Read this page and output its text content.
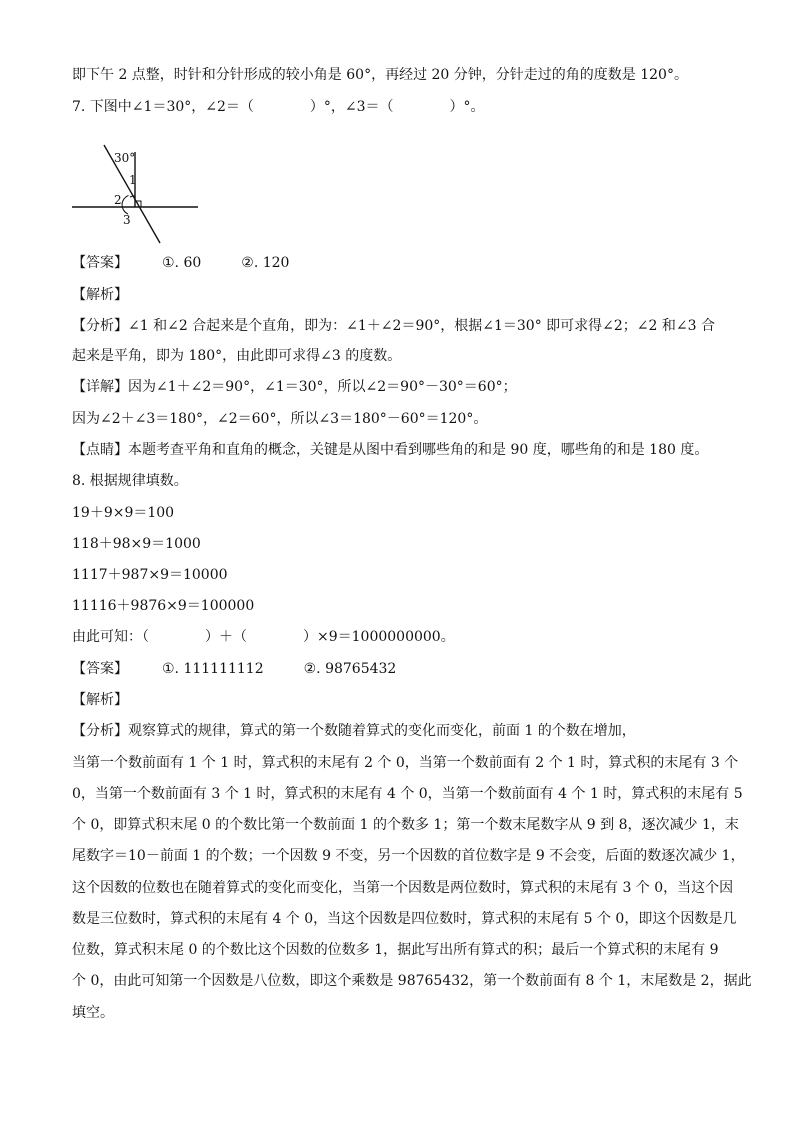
即下午 2 点整，时针和分针形成的较小角是 60°，再经过 20 分钟，分针走过的角的度数是 120°。
7. 下图中∠1＝30°，∠2＝（　　　　）°，∠3＝（　　　　）°。
30°
1
2
3
【答案】 ①. 60	②. 120
【解析】
【分析】∠1 和∠2 合起来是个直角，即为：∠1＋∠2＝90°，根据∠1＝30° 即可求得∠2；∠2 和∠3 合
起来是平角，即为 180°，由此即可求得∠3 的度数。
【详解】因为∠1＋∠2＝90°，∠1＝30°，所以∠2＝90°－30°＝60°；
因为∠2＋∠3＝180°，∠2＝60°，所以∠3＝180°－60°＝120°。
【点睛】本题考查平角和直角的概念，关键是从图中看到哪些角的和是 90 度，哪些角的和是 180 度。
8. 根据规律填数。
19＋9×9＝100
118＋98×9＝1000
1117＋987×9＝10000
11116＋9876×9＝100000
由此可知：（　　　　）＋（　　　　）×9＝1000000000。
【答案】 ①. 111111112	②. 98765432
【解析】
【分析】观察算式的规律，算式的第一个数随着算式的变化而变化，前面 1 的个数在增加，
当第一个数前面有 1 个 1 时，算式积的末尾有 2 个 0，当第一个数前面有 2 个 1 时，算式积的末尾有 3 个
0，当第一个数前面有 3 个 1 时，算式积的末尾有 4 个 0，当第一个数前面有 4 个 1 时，算式积的末尾有 5
个 0，即算式积末尾 0 的个数比第一个数前面 1 的个数多 1；第一个数末尾数字从 9 到 8，逐次减少 1，末
尾数字＝10－前面 1 的个数；一个因数 9 不变，另一个因数的首位数字是 9 不会变，后面的数逐次减少 1，
这个因数的位数也在随着算式的变化而变化，当第一个因数是两位数时，算式积的末尾有 3 个 0，当这个因
数是三位数时，算式积的末尾有 4 个 0，当这个因数是四位数时，算式积的末尾有 5 个 0，即这个因数是几
位数，算式积末尾 0 的个数比这个因数的位数多 1，据此写出所有算式的积；最后一个算式积的末尾有 9
个 0，由此可知第一个因数是八位数，即这个乘数是 98765432，第一个数前面有 8 个 1，末尾数是 2，据此
填空。
